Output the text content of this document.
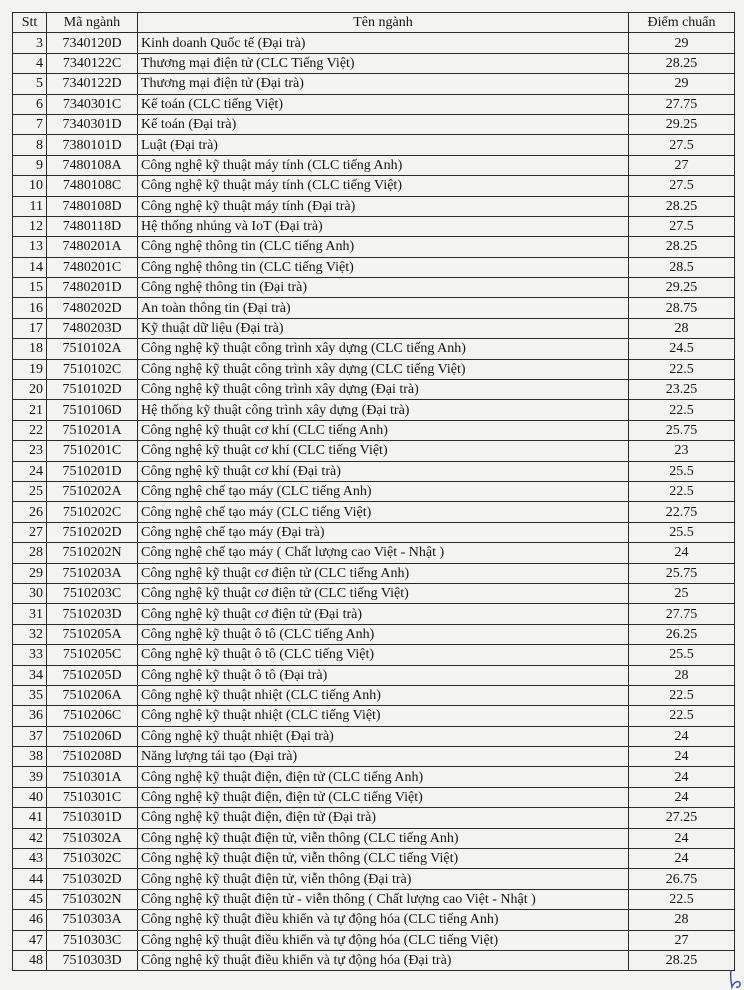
Stt	Mã ngành	Tên ngành	Điểm chuẩn
3	7340120D	Kinh doanh Quốc tế (Đại trà)	29
4	7340122C	Thương mại điện tử (CLC Tiếng Việt)	28.25
5	7340122D	Thương mại điện tử (Đại trà)	29
6	7340301C	Kế toán (CLC tiếng Việt)	27.75
7	7340301D	Kế toán (Đại trà)	29.25
8	7380101D	Luật (Đại trà)	27.5
9	7480108A	Công nghệ kỹ thuật máy tính (CLC tiếng Anh)	27
10	7480108C	Công nghệ kỹ thuật máy tính (CLC tiếng Việt)	27.5
11	7480108D	Công nghệ kỹ thuật máy tính (Đại trà)	28.25
12	7480118D	Hệ thống nhúng và IoT (Đại trà)	27.5
13	7480201A	Công nghệ thông tin (CLC tiếng Anh)	28.25
14	7480201C	Công nghệ thông tin (CLC tiếng Việt)	28.5
15	7480201D	Công nghệ thông tin (Đại trà)	29.25
16	7480202D	An toàn thông tin (Đại trà)	28.75
17	7480203D	Kỹ thuật dữ liệu (Đại trà)	28
18	7510102A	Công nghệ kỹ thuật công trình xây dựng (CLC tiếng Anh)	24.5
19	7510102C	Công nghệ kỹ thuật công trình xây dựng (CLC tiếng Việt)	22.5
20	7510102D	Công nghệ kỹ thuật công trình xây dựng (Đại trà)	23.25
21	7510106D	Hệ thống kỹ thuật công trình xây dựng (Đại trà)	22.5
22	7510201A	Công nghệ kỹ thuật cơ khí (CLC tiếng Anh)	25.75
23	7510201C	Công nghệ kỹ thuật cơ khí (CLC tiếng Việt)	23
24	7510201D	Công nghệ kỹ thuật cơ khí (Đại trà)	25.5
25	7510202A	Công nghệ chế tạo máy (CLC tiếng Anh)	22.5
26	7510202C	Công nghệ chế tạo máy (CLC tiếng Việt)	22.75
27	7510202D	Công nghệ chế tạo máy (Đại trà)	25.5
28	7510202N	Công nghệ chế tạo máy ( Chất lượng cao Việt - Nhật )	24
29	7510203A	Công nghệ kỹ thuật cơ điện tử (CLC tiếng Anh)	25.75
30	7510203C	Công nghệ kỹ thuật cơ điện tử (CLC tiếng Việt)	25
31	7510203D	Công nghệ kỹ thuật cơ điện tử (Đại trà)	27.75
32	7510205A	Công nghệ kỹ thuật ô tô (CLC tiếng Anh)	26.25
33	7510205C	Công nghệ kỹ thuật ô tô (CLC tiếng Việt)	25.5
34	7510205D	Công nghệ kỹ thuật ô tô (Đại trà)	28
35	7510206A	Công nghệ kỹ thuật nhiệt (CLC tiếng Anh)	22.5
36	7510206C	Công nghệ kỹ thuật nhiệt (CLC tiếng Việt)	22.5
37	7510206D	Công nghệ kỹ thuật nhiệt (Đại trà)	24
38	7510208D	Năng lượng tái tạo (Đại trà)	24
39	7510301A	Công nghệ kỹ thuật điện, điện tử (CLC tiếng Anh)	24
40	7510301C	Công nghệ kỹ thuật điện, điện tử (CLC tiếng Việt)	24
41	7510301D	Công nghệ kỹ thuật điện, điện tử (Đại trà)	27.25
42	7510302A	Công nghệ kỹ thuật điện tử, viễn thông (CLC tiếng Anh)	24
43	7510302C	Công nghệ kỹ thuật điện tử, viễn thông (CLC tiếng Việt)	24
44	7510302D	Công nghệ kỹ thuật điện tử, viễn thông (Đại trà)	26.75
45	7510302N	Công nghệ kỹ thuật điện tử - viễn thông ( Chất lượng cao Việt - Nhật )	22.5
46	7510303A	Công nghệ kỹ thuật điều khiển và tự động hóa (CLC tiếng Anh)	28
47	7510303C	Công nghệ kỹ thuật điều khiển và tự động hóa (CLC tiếng Việt)	27
48	7510303D	Công nghệ kỹ thuật điều khiển và tự động hóa (Đại trà)	28.25
